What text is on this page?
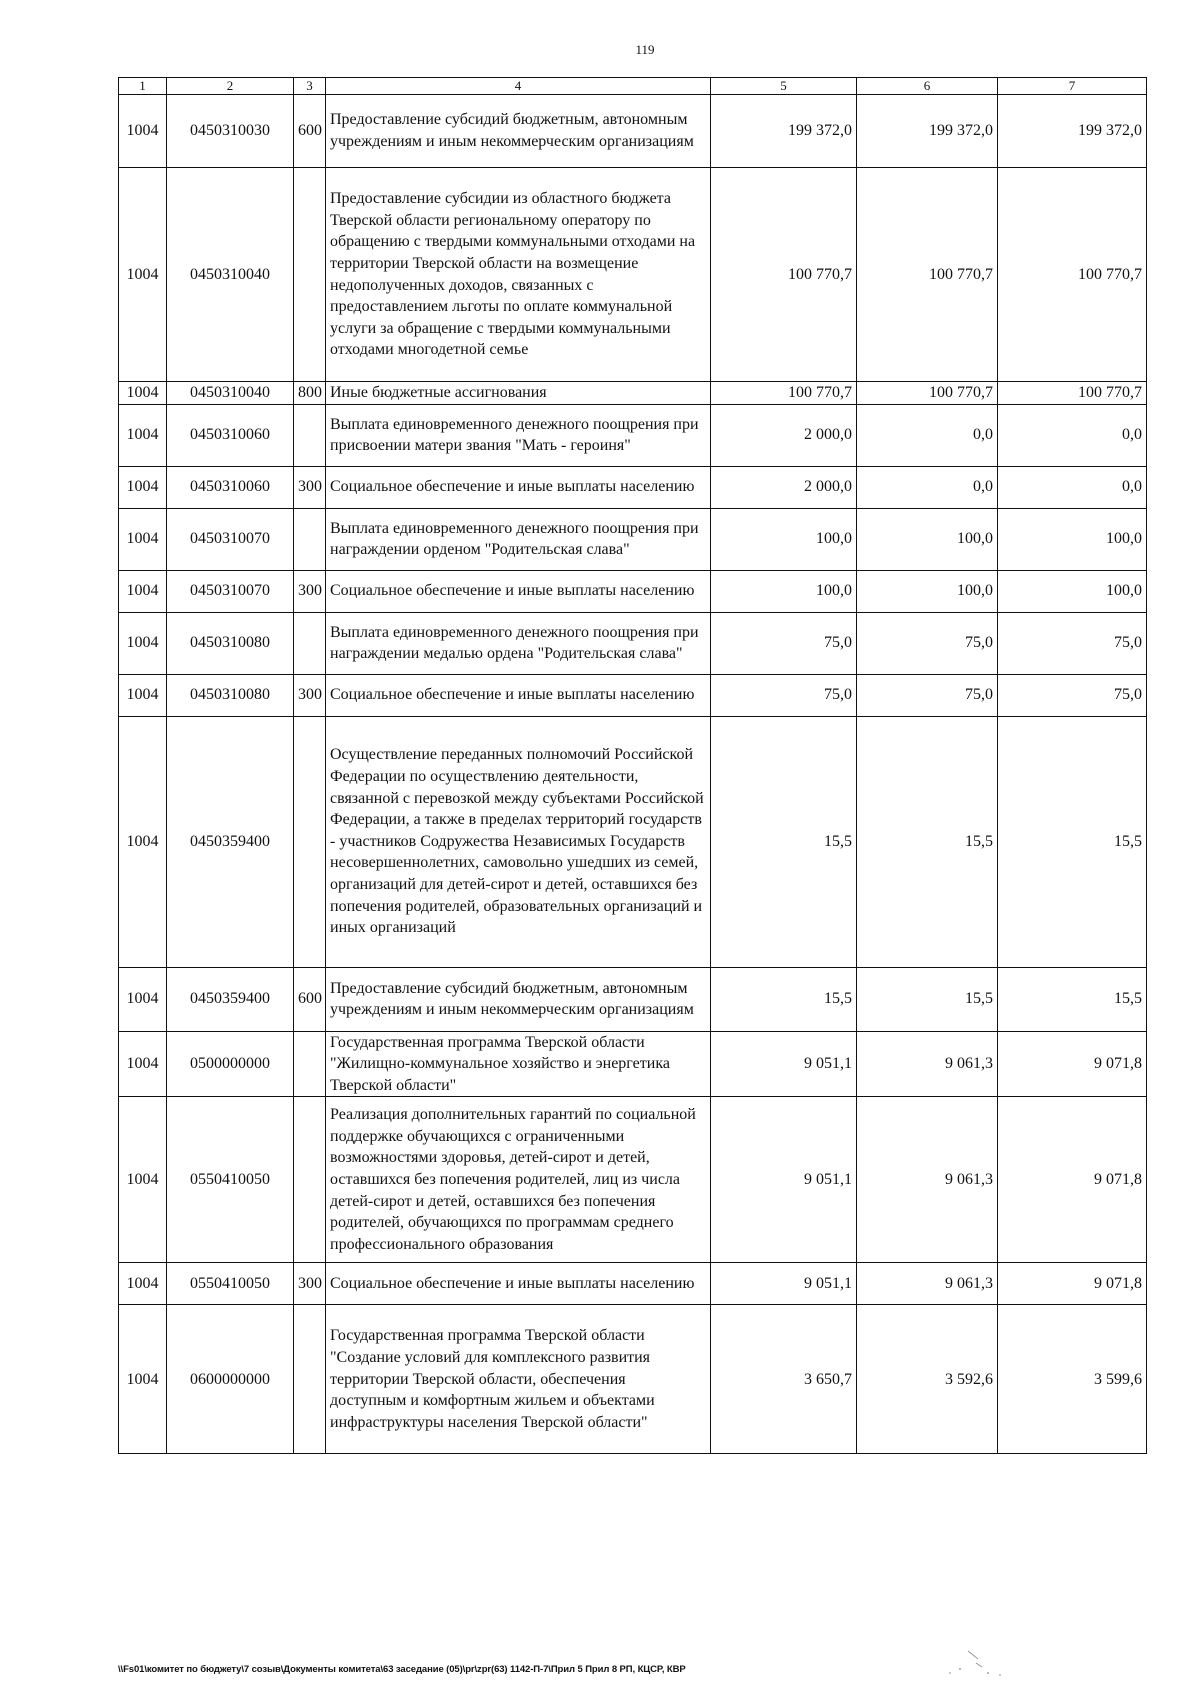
119
1	2	3	4	5	6	7
1004	0450310030	600	Предоставление субсидий бюджетным, автономным учреждениям и иным некоммерческим организациям	199 372,0	199 372,0	199 372,0
1004	0450310040		Предоставление субсидии из областного бюджета Тверской области региональному оператору по обращению с твердыми коммунальными отходами на территории Тверской области на возмещение недополученных доходов, связанных с предоставлением льготы по оплате коммунальной услуги за обращение с твердыми коммунальными отходами многодетной семье	100 770,7	100 770,7	100 770,7
1004	0450310040	800	Иные бюджетные ассигнования	100 770,7	100 770,7	100 770,7
1004	0450310060		Выплата единовременного денежного поощрения при присвоении матери звания "Мать - героиня"	2 000,0	0,0	0,0
1004	0450310060	300	Социальное обеспечение и иные выплаты населению	2 000,0	0,0	0,0
1004	0450310070		Выплата единовременного денежного поощрения при награждении орденом "Родительская слава"	100,0	100,0	100,0
1004	0450310070	300	Социальное обеспечение и иные выплаты населению	100,0	100,0	100,0
1004	0450310080		Выплата единовременного денежного поощрения при награждении медалью ордена "Родительская слава"	75,0	75,0	75,0
1004	0450310080	300	Социальное обеспечение и иные выплаты населению	75,0	75,0	75,0
1004	0450359400		Осуществление переданных полномочий Российской Федерации по осуществлению деятельности, связанной с перевозкой между субъектами Российской Федерации, а также в пределах территорий государств - участников Содружества Независимых Государств несовершеннолетних, самовольно ушедших из семей, организаций для детей-сирот и детей, оставшихся без попечения родителей, образовательных организаций и иных организаций	15,5	15,5	15,5
1004	0450359400	600	Предоставление субсидий бюджетным, автономным учреждениям и иным некоммерческим организациям	15,5	15,5	15,5
1004	0500000000		Государственная программа Тверской области "Жилищно-коммунальное хозяйство и энергетика Тверской области"	9 051,1	9 061,3	9 071,8
1004	0550410050		Реализация дополнительных гарантий по социальной поддержке обучающихся с ограниченными возможностями здоровья, детей-сирот и детей, оставшихся без попечения родителей, лиц из числа детей-сирот и детей, оставшихся без попечения родителей, обучающихся по программам среднего профессионального образования	9 051,1	9 061,3	9 071,8
1004	0550410050	300	Социальное обеспечение и иные выплаты населению	9 051,1	9 061,3	9 071,8
1004	0600000000		Государственная программа Тверской области "Создание условий для комплексного развития территории Тверской области, обеспечения доступным и комфортным жильем и объектами инфраструктуры населения Тверской области"	3 650,7	3 592,6	3 599,6
\\Fs01\комитет по бюджету\7 созыв\Документы комитета\63 заседание (05)\pr\zpr(63) 1142-П-7\Прил 5 Прил 8 РП, КЦСР, КВР
